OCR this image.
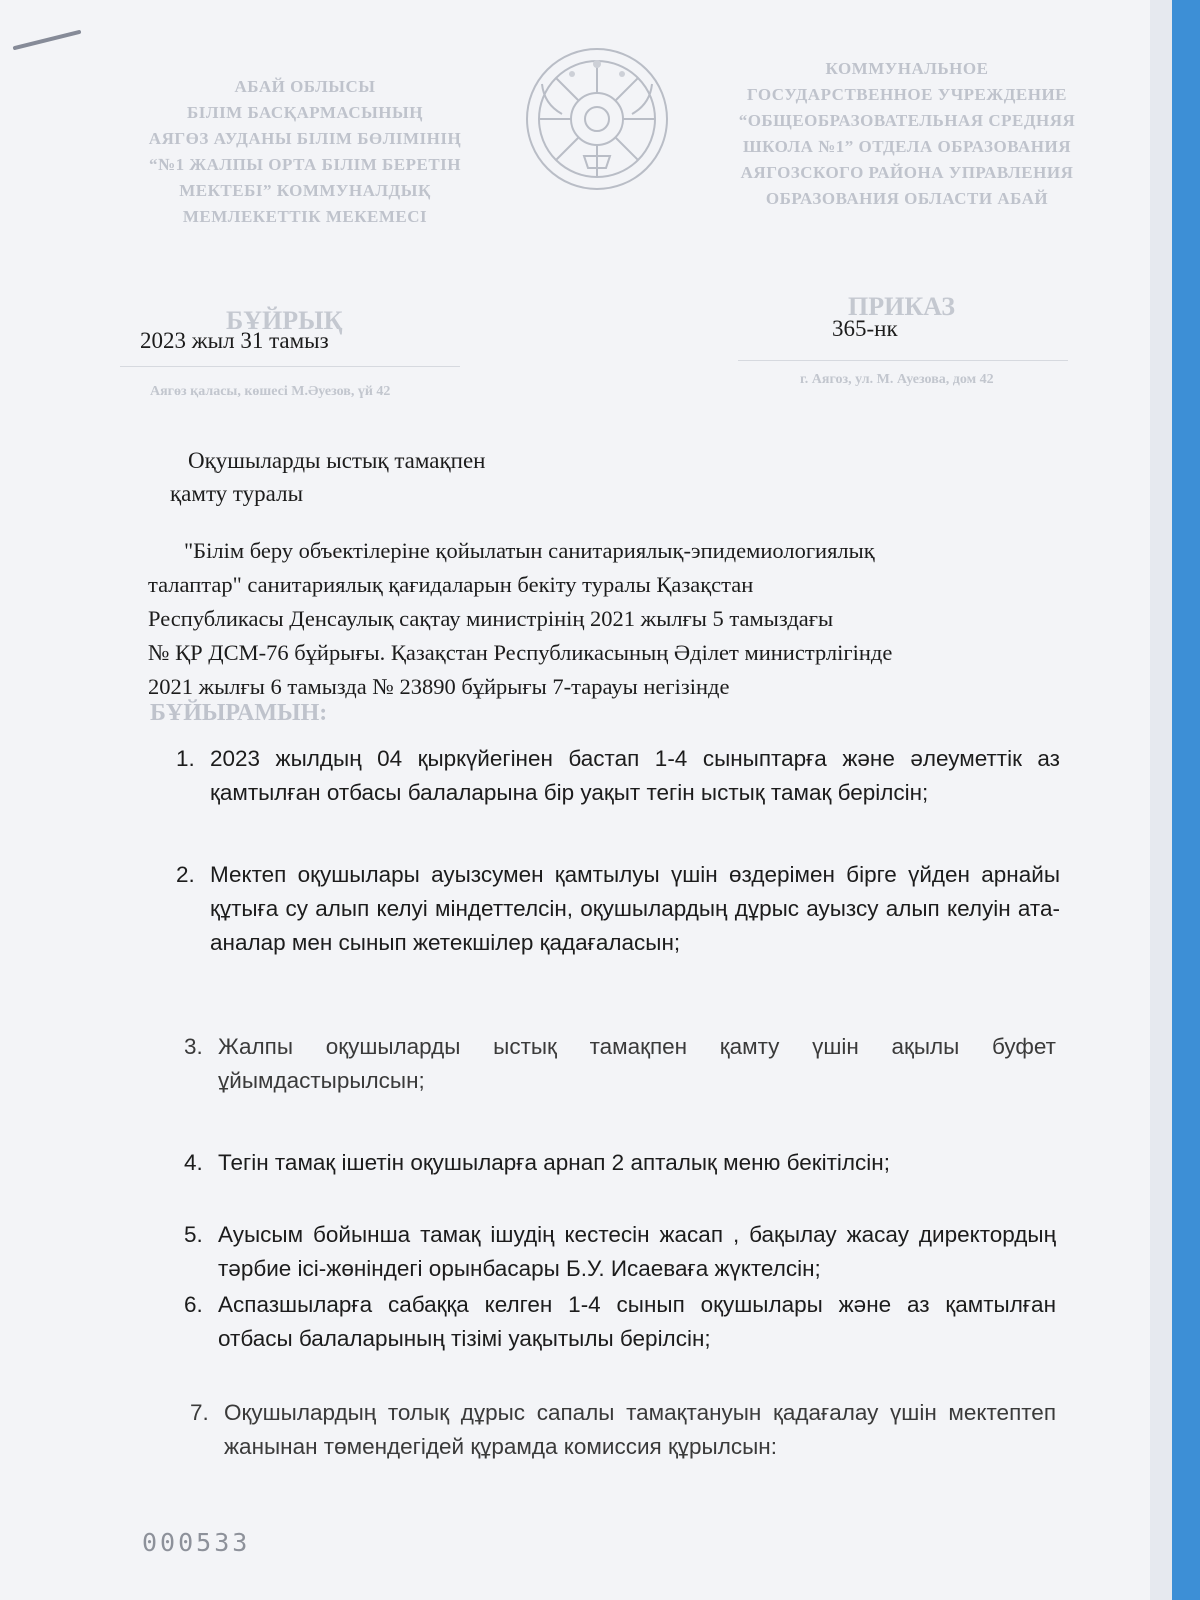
АБАЙ ОБЛЫСЫ
БІЛІМ БАСҚАРМАСЫНЫҢ
АЯГӨЗ АУДАНЫ БІЛІМ БӨЛІМІНІҢ
“№1 ЖАЛПЫ ОРТА БІЛІМ БЕРЕТІН
МЕКТЕБІ” КОММУНАЛДЫҚ
МЕМЛЕКЕТТІК МЕКЕМЕСІ
КОММУНАЛЬНОЕ
ГОСУДАРСТВЕННОЕ УЧРЕЖДЕНИЕ
“ОБЩЕОБРАЗОВАТЕЛЬНАЯ СРЕДНЯЯ
ШКОЛА №1” ОТДЕЛА ОБРАЗОВАНИЯ
АЯГОЗСКОГО РАЙОНА УПРАВЛЕНИЯ
ОБРАЗОВАНИЯ ОБЛАСТИ АБАЙ
БҰЙРЫҚ	ПРИКАЗ
Аягөз қаласы, көшесі М.Әуезов, үй 42
г. Аягоз, ул. М. Ауезова, дом 42
2023 жыл 31 тамыз	365-нк
Оқушыларды ыстық тамақпен
қамту туралы
"Білім беру объектілеріне қойылатын санитариялық-эпидемиологиялық
талаптар" санитариялық қағидаларын бекіту туралы Қазақстан
Республикасы Денсаулық сақтау министрінің 2021 жылғы 5 тамыздағы
№ ҚР ДСМ-76 бұйрығы. Қазақстан Республикасының Әділет министрлігінде
2021 жылғы 6 тамызда № 23890 бұйрығы 7-тарауы негізінде
БҰЙЫРАМЫН:
1. 2023 жылдың 04 қыркүйегінен бастап 1-4 сыныптарға және әлеуметтік аз қамтылған отбасы балаларына бір уақыт тегін ыстық тамақ берілсін;
2. Мектеп оқушылары ауызсумен қамтылуы үшін өздерімен бірге үйден арнайы құтыға су алып келуі міндеттелсін, оқушылардың дұрыс ауызсу алып келуін ата-аналар мен сынып жетекшілер қадағаласын;
3. Жалпы оқушыларды ыстық тамақпен қамту үшін ақылы буфет ұйымдастырылсын;
4. Тегін тамақ ішетін оқушыларға арнап 2 апталық меню бекітілсін;
5. Ауысым бойынша тамақ ішудің кестесін жасап , бақылау жасау директордың тәрбие ісі-жөніндегі орынбасары Б.У. Исаеваға жүктелсін;
6. Аспазшыларға сабаққа келген 1-4 сынып оқушылары және аз қамтылған отбасы балаларының тізімі уақытылы берілсін;
7. Оқушылардың толық дұрыс сапалы тамақтануын қадағалау үшін мектептеп жанынан төмендегідей құрамда комиссия құрылсын:
000533
